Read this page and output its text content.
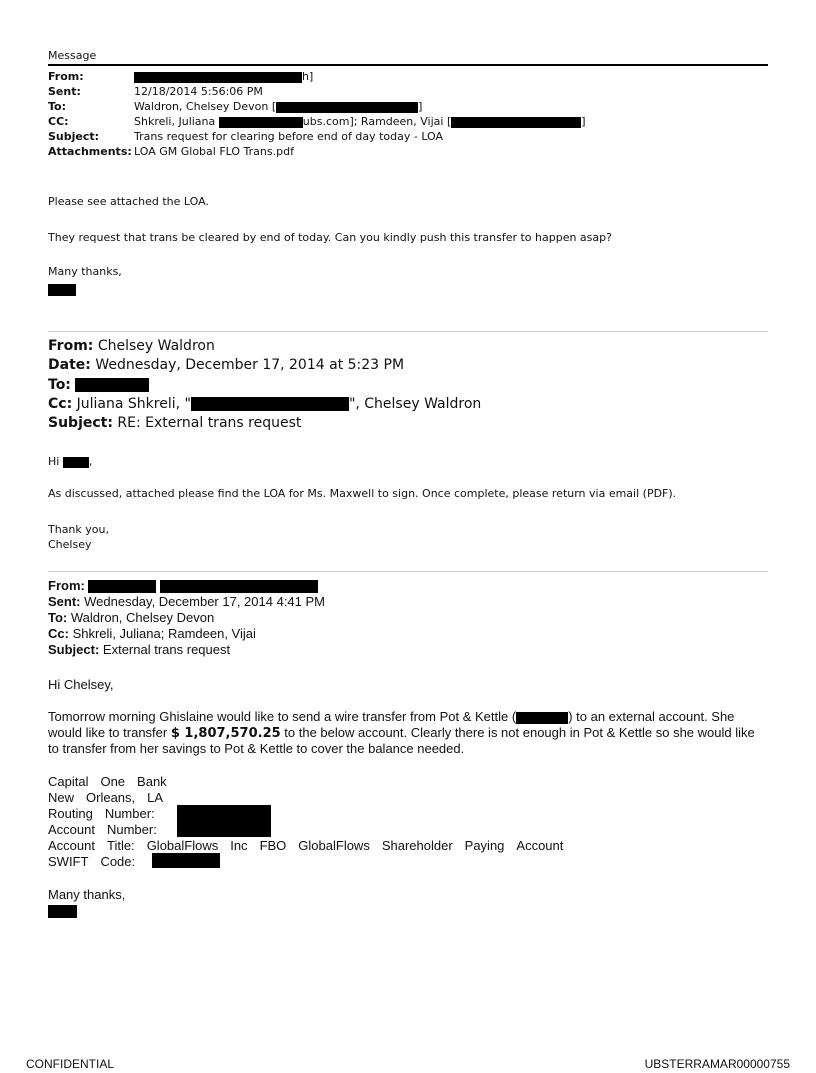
Message
From:	h]
Sent:	12/18/2014 5:56:06 PM
To:	Waldron, Chelsey Devon [	]
CC:	Shkreli, Juliana	ubs.com]; Ramdeen, Vijai [	]
Subject:	Trans request for clearing before end of day today - LOA
Attachments: LOA GM Global FLO Trans.pdf
Please see attached the LOA.
They request that trans be cleared by end of today. Can you kindly push this transfer to happen asap?
Many thanks,
From: Chelsey Waldron
Date: Wednesday, December 17, 2014 at 5:23 PM
To:
Cc: Juliana Shkreli, "	", Chelsey Waldron
Subject: RE: External trans request
Hi	,
As discussed, attached please find the LOA for Ms. Maxwell to sign. Once complete, please return via email (PDF).
Thank you,
Chelsey
From:
Sent: Wednesday, December 17, 2014 4:41 PM
To: Waldron, Chelsey Devon
Cc: Shkreli, Juliana; Ramdeen, Vijai
Subject: External trans request
Hi Chelsey,
Tomorrow morning Ghislaine would like to send a wire transfer from Pot & Kettle (	) to an external account. She
would like to transfer $ 1,807,570.25 to the below account. Clearly there is not enough in Pot & Kettle so she would like
to transfer from her savings to Pot & Kettle to cover the balance needed.
Capital One Bank
New Orleans, LA
Routing Number:
Account Number:
Account Title: GlobalFlows Inc FBO GlobalFlows Shareholder Paying Account
SWIFT Code:
Many thanks,
CONFIDENTIAL	UBSTERRAMAR00000755
